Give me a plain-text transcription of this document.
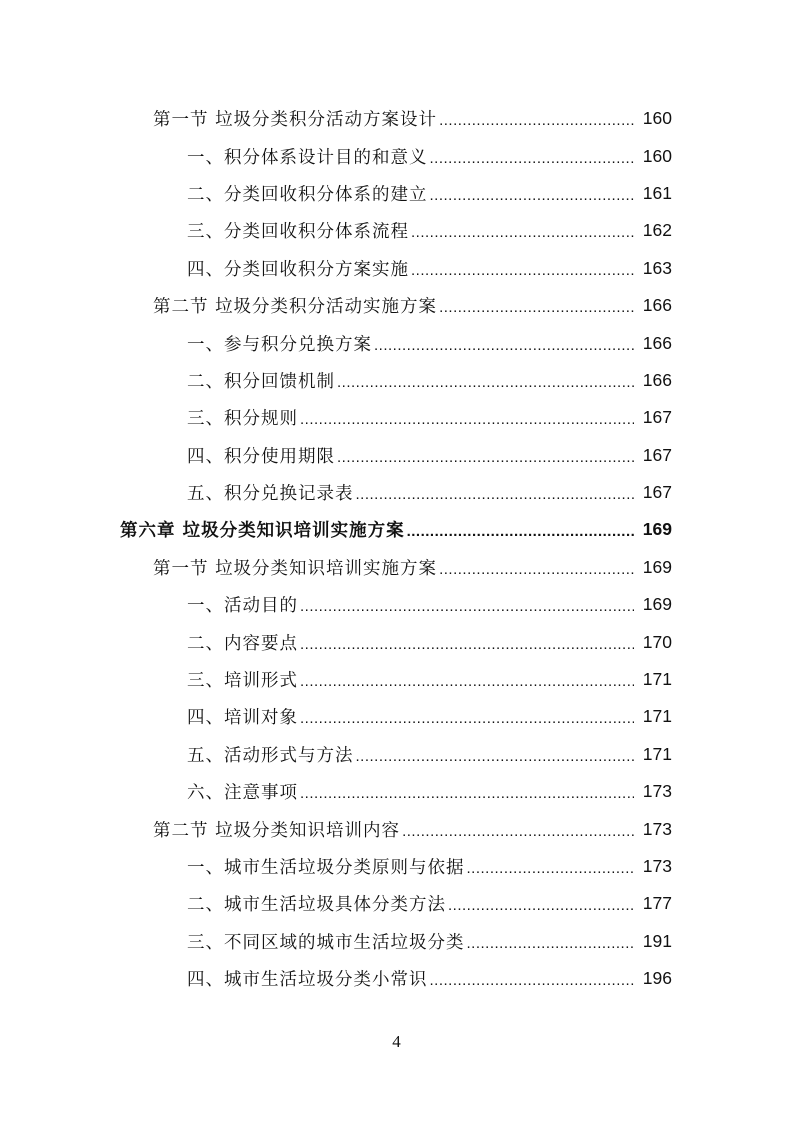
第一节 垃圾分类积分活动方案设计 .....	160
一、积分体系设计目的和意义 .....	160
二、分类回收积分体系的建立 .....	161
三、分类回收积分体系流程 .....	162
四、分类回收积分方案实施 .....	163
第二节 垃圾分类积分活动实施方案 .....	166
一、参与积分兑换方案 .....	166
二、积分回馈机制 .....	166
三、积分规则 .....	167
四、积分使用期限 .....	167
五、积分兑换记录表 .....	167
第六章 垃圾分类知识培训实施方案 .....	169
第一节 垃圾分类知识培训实施方案 .....	169
一、活动目的 .....	169
二、内容要点 .....	170
三、培训形式 .....	171
四、培训对象 .....	171
五、活动形式与方法 .....	171
六、注意事项 .....	173
第二节 垃圾分类知识培训内容 .....	173
一、城市生活垃圾分类原则与依据 .....	173
二、城市生活垃圾具体分类方法 .....	177
三、不同区域的城市生活垃圾分类 .....	191
四、城市生活垃圾分类小常识 .....	196
4
